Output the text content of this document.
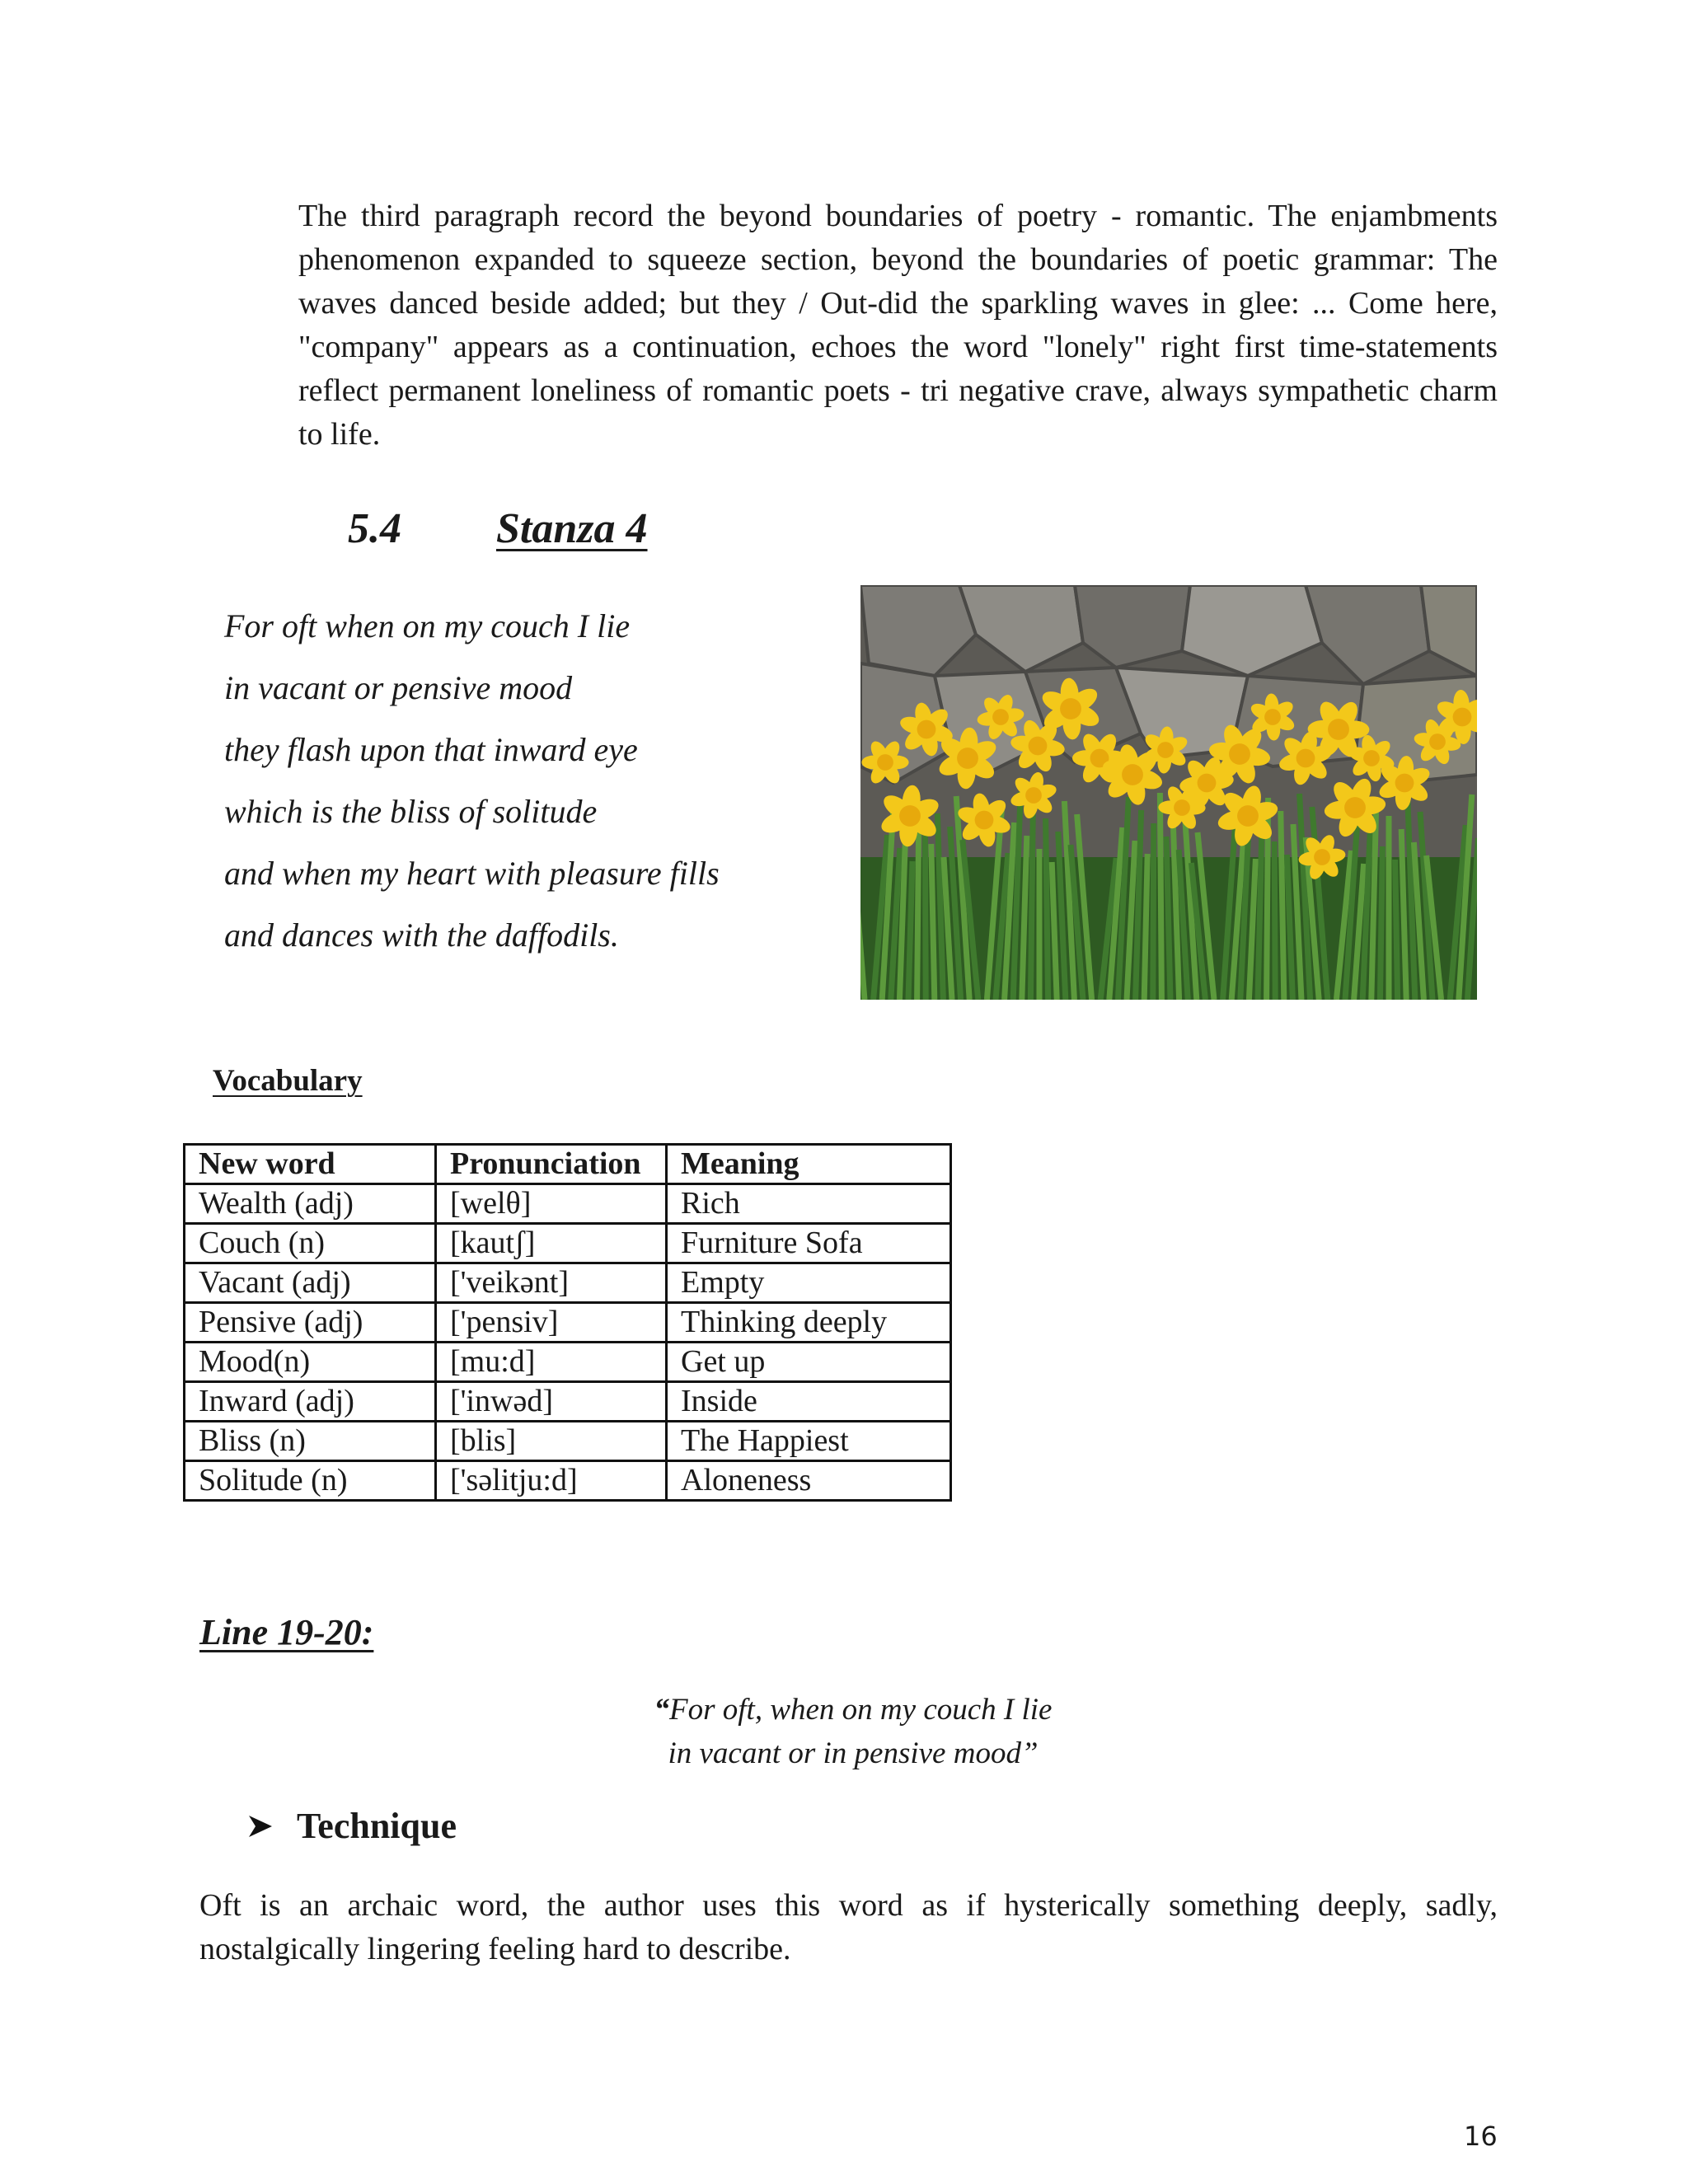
The third paragraph record the beyond boundaries of poetry - romantic. The enjambments phenomenon expanded to squeeze section, beyond the boundaries of poetic grammar: The waves danced beside added; but they / Out-did the sparkling waves in glee: ... Come here, "company" appears as a continuation, echoes the word "lonely" right first time-statements reflect permanent loneliness of romantic poets - tri negative crave, always sympathetic charm to life.

5.4 Stanza 4
For oft when on my couch I lie
in vacant or pensive mood
they flash upon that inward eye
which is the bliss of solitude
and when my heart with pleasure fills
and dances with the daffodils.
Vocabulary
New word	Pronunciation	Meaning
Wealth (adj)	[welθ]	Rich
Couch (n)	[kautʃ]	Furniture Sofa
Vacant (adj)	['veikənt]	Empty
Pensive (adj)	['pensiv]	Thinking deeply
Mood(n)	[mu:d]	Get up
Inward (adj)	['inwəd]	Inside
Bliss (n)	[blis]	The Happiest
Solitude (n)	['səlitju:d]	Aloneness
Line 19-20:
“For oft, when on my couch I lie
in vacant or in pensive mood”
Technique
Oft is an archaic word, the author uses this word as if hysterically something deeply, sadly, nostalgically lingering feeling hard to describe.
16
